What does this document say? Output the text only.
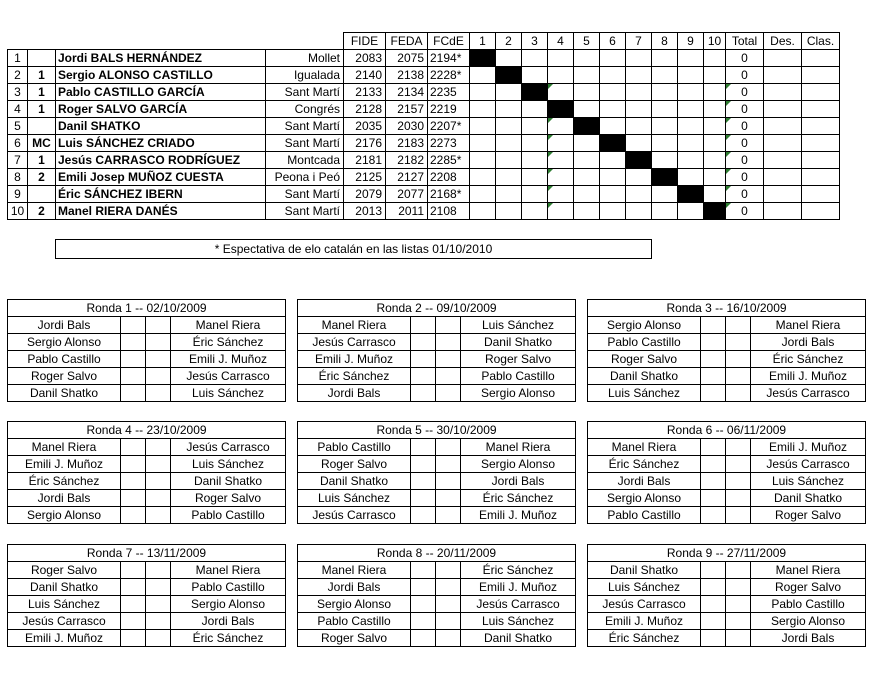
				FIDE	FEDA	FCdE	1	2	3	4	5	6	7	8	9	10	Total	Des.	Clas.
1		Jordi BALS HERNÁNDEZ	Mollet	2083	2075	2194*											0		
2	1	Sergio ALONSO CASTILLO	Igualada	2140	2138	2228*											0		
3	1	Pablo CASTILLO GARCÍA	Sant Martí	2133	2134	2235											0		
4	1	Roger SALVO GARCÍA	Congrés	2128	2157	2219											0		
5		Danil SHATKO	Sant Martí	2035	2030	2207*											0		
6	MC	Luis SÁNCHEZ CRIADO	Sant Martí	2176	2183	2273											0		
7	1	Jesús CARRASCO RODRÍGUEZ	Montcada	2181	2182	2285*											0		
8	2	Emili Josep MUÑOZ CUESTA	Peona i Peó	2125	2127	2208											0		
9		Éric SÁNCHEZ IBERN	Sant Martí	2079	2077	2168*											0		
10	2	Manel RIERA DANÉS	Sant Martí	2013	2011	2108											0		
* Espectativa de elo catalán en las listas 01/10/2010
Ronda 1 -- 02/10/2009			
Jordi Bals			Manel Riera
Sergio Alonso			Éric Sánchez
Pablo Castillo			Emili J. Muñoz
Roger Salvo			Jesús Carrasco
Danil Shatko			Luis Sánchez
Ronda 2 -- 09/10/2009			
Manel Riera			Luis Sánchez
Jesús Carrasco			Danil Shatko
Emili J. Muñoz			Roger Salvo
Éric Sánchez			Pablo Castillo
Jordi Bals			Sergio Alonso
Ronda 3 -- 16/10/2009			
Sergio Alonso			Manel Riera
Pablo Castillo			Jordi Bals
Roger Salvo			Éric Sánchez
Danil Shatko			Emili J. Muñoz
Luis Sánchez			Jesús Carrasco
Ronda 4 -- 23/10/2009			
Manel Riera			Jesús Carrasco
Emili J. Muñoz			Luis Sánchez
Éric Sánchez			Danil Shatko
Jordi Bals			Roger Salvo
Sergio Alonso			Pablo Castillo
Ronda 5 -- 30/10/2009			
Pablo Castillo			Manel Riera
Roger Salvo			Sergio Alonso
Danil Shatko			Jordi Bals
Luis Sánchez			Éric Sánchez
Jesús Carrasco			Emili J. Muñoz
Ronda 6 -- 06/11/2009			
Manel Riera			Emili J. Muñoz
Éric Sánchez			Jesús Carrasco
Jordi Bals			Luis Sánchez
Sergio Alonso			Danil Shatko
Pablo Castillo			Roger Salvo
Ronda 7 -- 13/11/2009			
Roger Salvo			Manel Riera
Danil Shatko			Pablo Castillo
Luis Sánchez			Sergio Alonso
Jesús Carrasco			Jordi Bals
Emili J. Muñoz			Éric Sánchez
Ronda 8 -- 20/11/2009			
Manel Riera			Éric Sánchez
Jordi Bals			Emili J. Muñoz
Sergio Alonso			Jesús Carrasco
Pablo Castillo			Luis Sánchez
Roger Salvo			Danil Shatko
Ronda 9 -- 27/11/2009			
Danil Shatko			Manel Riera
Luis Sánchez			Roger Salvo
Jesús Carrasco			Pablo Castillo
Emili J. Muñoz			Sergio Alonso
Éric Sánchez			Jordi Bals
